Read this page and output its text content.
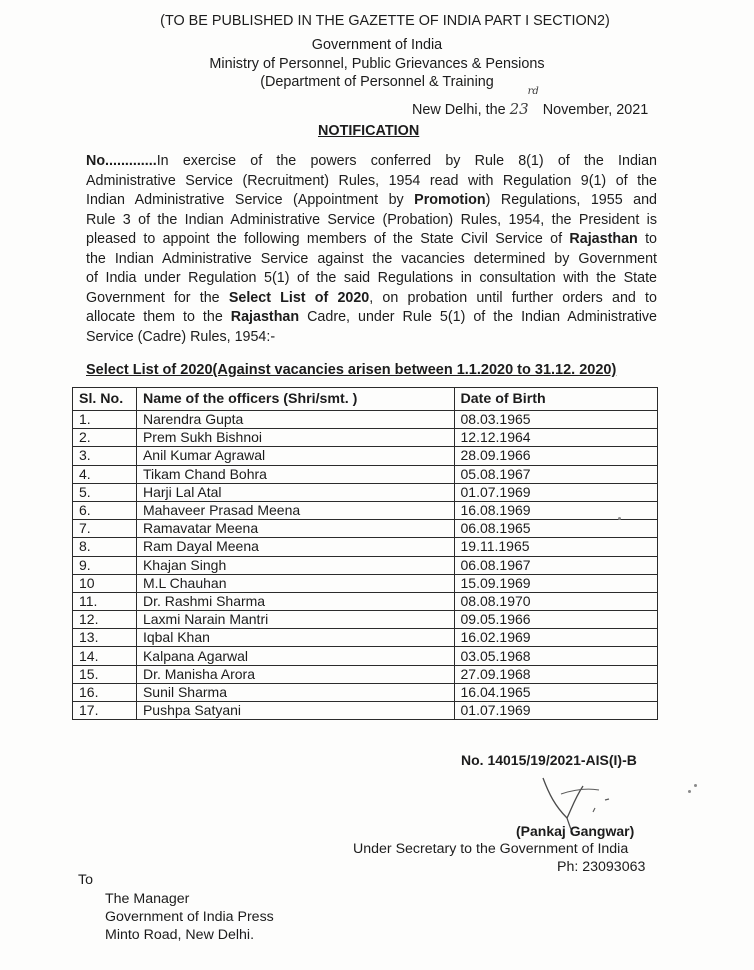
(TO BE PUBLISHED IN THE GAZETTE OF INDIA PART I SECTION2)
Government of India
Ministry of Personnel, Public Grievances & Pensions
(Department of Personnel & Training
New Delhi, the 23
rd
November, 2021
NOTIFICATION
No.............In exercise of the powers conferred by Rule 8(1) of the Indian
Administrative Service (Recruitment) Rules, 1954 read with Regulation 9(1) of the
Indian Administrative Service (Appointment by Promotion) Regulations, 1955 and
Rule 3 of the Indian Administrative Service (Probation) Rules, 1954, the President is
pleased to appoint the following members of the State Civil Service of Rajasthan to
the Indian Administrative Service against the vacancies determined by Government
of India under Regulation 5(1) of the said Regulations in consultation with the State
Government for the Select List of 2020, on probation until further orders and to
allocate them to the Rajasthan Cadre, under Rule 5(1) of the Indian Administrative
Service (Cadre) Rules, 1954:-
Select List of 2020(Against vacancies arisen between 1.1.2020 to 31.12. 2020)
Sl. No.	Name of the officers (Shri/smt. )	Date of Birth
1.	Narendra Gupta	08.03.1965
2.	Prem Sukh Bishnoi	12.12.1964
3.	Anil Kumar Agrawal	28.09.1966
4.	Tikam Chand Bohra	05.08.1967
5.	Harji Lal Atal	01.07.1969
6.	Mahaveer Prasad Meena	16.08.1969
7.	Ramavatar Meena	06.08.1965
8.	Ram Dayal Meena	19.11.1965
9.	Khajan Singh	06.08.1967
10	M.L Chauhan	15.09.1969
11.	Dr. Rashmi Sharma	08.08.1970
12.	Laxmi Narain Mantri	09.05.1966
13.	Iqbal Khan	16.02.1969
14.	Kalpana Agarwal	03.05.1968
15.	Dr. Manisha Arora	27.09.1968
16.	Sunil Sharma	16.04.1965
17.	Pushpa Satyani	01.07.1969
No. 14015/19/2021-AIS(I)-B
(Pankaj Gangwar)
Under Secretary to the Government of India
Ph: 23093063
To
The Manager
Government of India Press
Minto Road, New Delhi.
